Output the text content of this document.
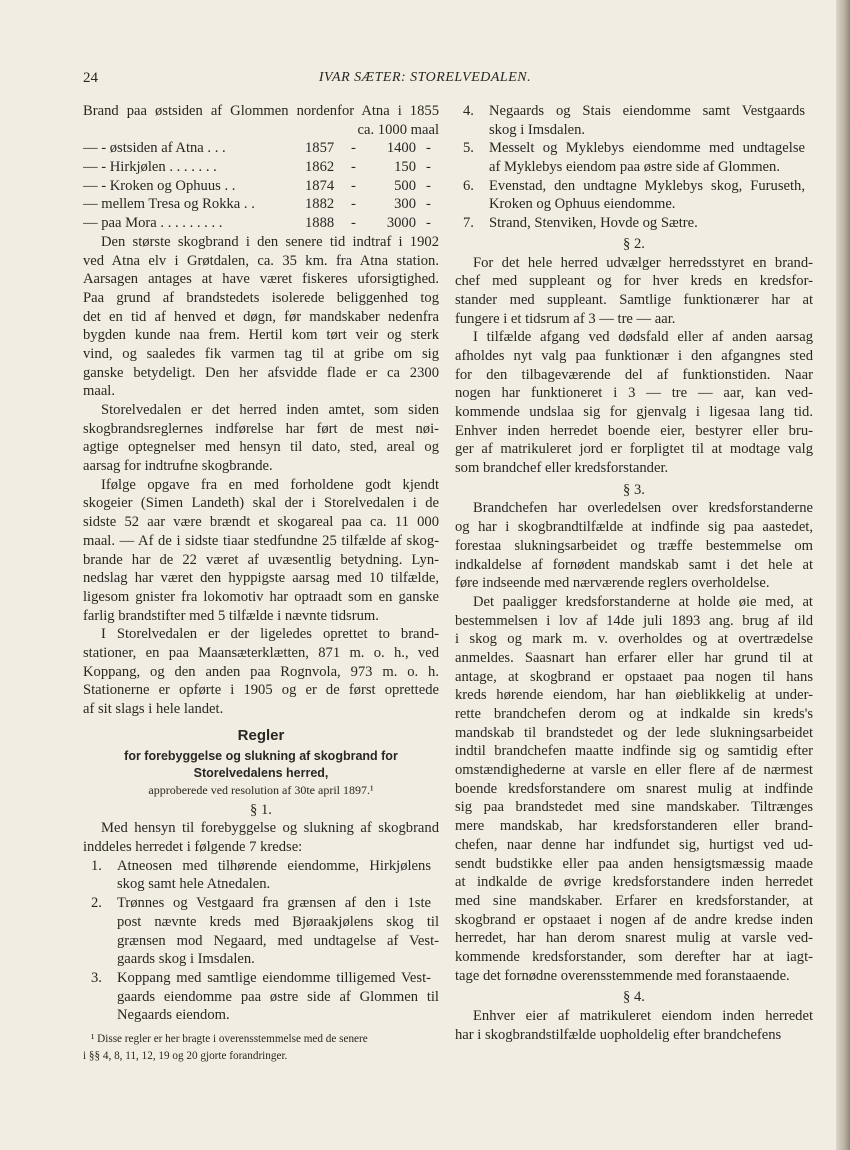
24	IVAR SÆTER: STORELVEDALEN.
Brand paa østsiden af Glommen nordenfor Atna i 1855
ca. 1000 maal
— - østsiden af Atna . . .	1857 -	1400 -
— - Hirkjølen . . . . . . .	1862 -	150 -
— - Kroken og Ophuus . .	1874 -	500 -
— mellem Tresa og Rokka . .	1882 -	300 -
— paa Mora . . . . . . . . .	1888 -	3000 -
Den største skogbrand i den senere tid indtraf i 1902
ved Atna elv i Grøtdalen, ca. 35 km. fra Atna station.
Aarsagen antages at have været fiskeres uforsigtighed.
Paa grund af brandstedets isolerede beliggenhed tog
det en tid af henved et døgn, før mandskaber nedenfra
bygden kunde naa frem. Hertil kom tørt veir og sterk
vind, og saaledes fik varmen tag til at gribe om sig
ganske betydeligt. Den her afsvidde flade er ca 2300
maal.
Storelvedalen er det herred inden amtet, som siden
skogbrandsreglernes indførelse har ført de mest nøi-
agtige optegnelser med hensyn til dato, sted, areal og
aarsag for indtrufne skogbrande.
Ifølge opgave fra en med forholdene godt kjendt
skogeier (Simen Landeth) skal der i Storelvedalen i de
sidste 52 aar være brændt et skogareal paa ca. 11 000
maal. — Af de i sidste tiaar stedfundne 25 tilfælde af skog-
brande har de 22 været af uvæsentlig betydning. Lyn-
nedslag har været den hyppigste aarsag med 10 tilfælde,
ligesom gnister fra lokomotiv har optraadt som en ganske
farlig brandstifter med 5 tilfælde i nævnte tidsrum.
I Storelvedalen er der ligeledes oprettet to brand-
stationer, en paa Maansæterklætten, 871 m. o. h., ved
Koppang, og den anden paa Rognvola, 973 m. o. h.
Stationerne er opførte i 1905 og er de først oprettede
af sit slags i hele landet.
Regler
for forebyggelse og slukning af skogbrand for
Storelvedalens herred,
approberede ved resolution af 30te april 1897.¹
§ 1.
Med hensyn til forebyggelse og slukning af skogbrand
inddeles herredet i følgende 7 kredse:
1. Atneosen med tilhørende eiendomme, Hirkjølens
skog samt hele Atnedalen.
2. Trønnes og Vestgaard fra grænsen af den i 1ste
post nævnte kreds med Bjøraakjølens skog til
grænsen mod Negaard, med undtagelse af Vest-
gaards skog i Imsdalen.
3. Koppang med samtlige eiendomme tilligemed Vest-
gaards eiendomme paa østre side af Glommen til
Negaards eiendom.
¹ Disse regler er her bragte i overensstemmelse med de senere
i §§ 4, 8, 11, 12, 19 og 20 gjorte forandringer.
4. Negaards og Stais eiendomme samt Vestgaards
skog i Imsdalen.
5. Messelt og Myklebys eiendomme med undtagelse
af Myklebys eiendom paa østre side af Glommen.
6. Evenstad, den undtagne Myklebys skog, Furuseth,
Kroken og Ophuus eiendomme.
7. Strand, Stenviken, Hovde og Sætre.
§ 2.
For det hele herred udvælger herredsstyret en brand-
chef med suppleant og for hver kreds en kredsfor-
stander med suppleant. Samtlige funktionærer har at
fungere i et tidsrum af 3 — tre — aar.
I tilfælde afgang ved dødsfald eller af anden aarsag
afholdes nyt valg paa funktionær i den afgangnes sted
for den tilbageværende del af funktionstiden. Naar
nogen har funktioneret i 3 — tre — aar, kan ved-
kommende undslaa sig for gjenvalg i ligesaa lang tid.
Enhver inden herredet boende eier, bestyrer eller bru-
ger af matrikuleret jord er forpligtet til at modtage valg
som brandchef eller kredsforstander.
§ 3.
Brandchefen har overledelsen over kredsforstanderne
og har i skogbrandtilfælde at indfinde sig paa aastedet,
forestaa slukningsarbeidet og træffe bestemmelse om
indkaldelse af fornødent mandskab samt i det hele at
føre indseende med nærværende reglers overholdelse.
Det paaligger kredsforstanderne at holde øie med, at
bestemmelsen i lov af 14de juli 1893 ang. brug af ild
i skog og mark m. v. overholdes og at overtrædelse
anmeldes. Saasnart han erfarer eller har grund til at
antage, at skogbrand er opstaaet paa nogen til hans
kreds hørende eiendom, har han øieblikkelig at under-
rette brandchefen derom og at indkalde sin kreds's
mandskab til brandstedet og der lede slukningsarbeidet
indtil brandchefen maatte indfinde sig og samtidig efter
omstændighederne at varsle en eller flere af de nærmest
boende kredsforstandere om snarest mulig at indfinde
sig paa brandstedet med sine mandskaber. Tiltrænges
mere mandskab, har kredsforstanderen eller brand-
chefen, naar denne har indfundet sig, hurtigst ved ud-
sendt budstikke eller paa anden hensigtsmæssig maade
at indkalde de øvrige kredsforstandere inden herredet
med sine mandskaber. Erfarer en kredsforstander, at
skogbrand er opstaaet i nogen af de andre kredse inden
herredet, har han derom snarest mulig at varsle ved-
kommende kredsforstander, som derefter har at iagt-
tage det fornødne overensstemmende med foranstaaende.
§ 4.
Enhver eier af matrikuleret eiendom inden herredet
har i skogbrandstilfælde uopholdelig efter brandchefens
